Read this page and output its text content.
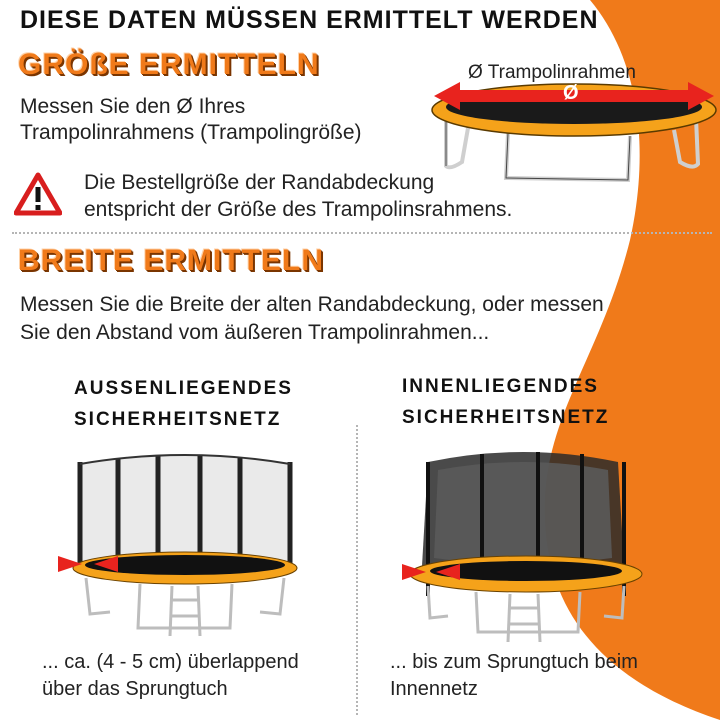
DIESE DATEN MÜSSEN ERMITTELT WERDEN
GRÖßE ERMITTELN
Messen Sie den Ø Ihres
Trampolinrahmens (Trampolingröße)
Ø Trampolinrahmen
Ø
Die Bestellgröße der Randabdeckung
entspricht der Größe des Trampolinsrahmens.
BREITE ERMITTELN
Messen Sie die Breite der alten Randabdeckung, oder messen
Sie den Abstand vom äußeren Trampolinrahmen...
AUSSENLIEGENDES
SICHERHEITSNETZ
... ca. (4 - 5 cm) überlappend
über das Sprungtuch
INNENLIEGENDES
SICHERHEITSNETZ
... bis zum Sprungtuch beim
Innennetz
